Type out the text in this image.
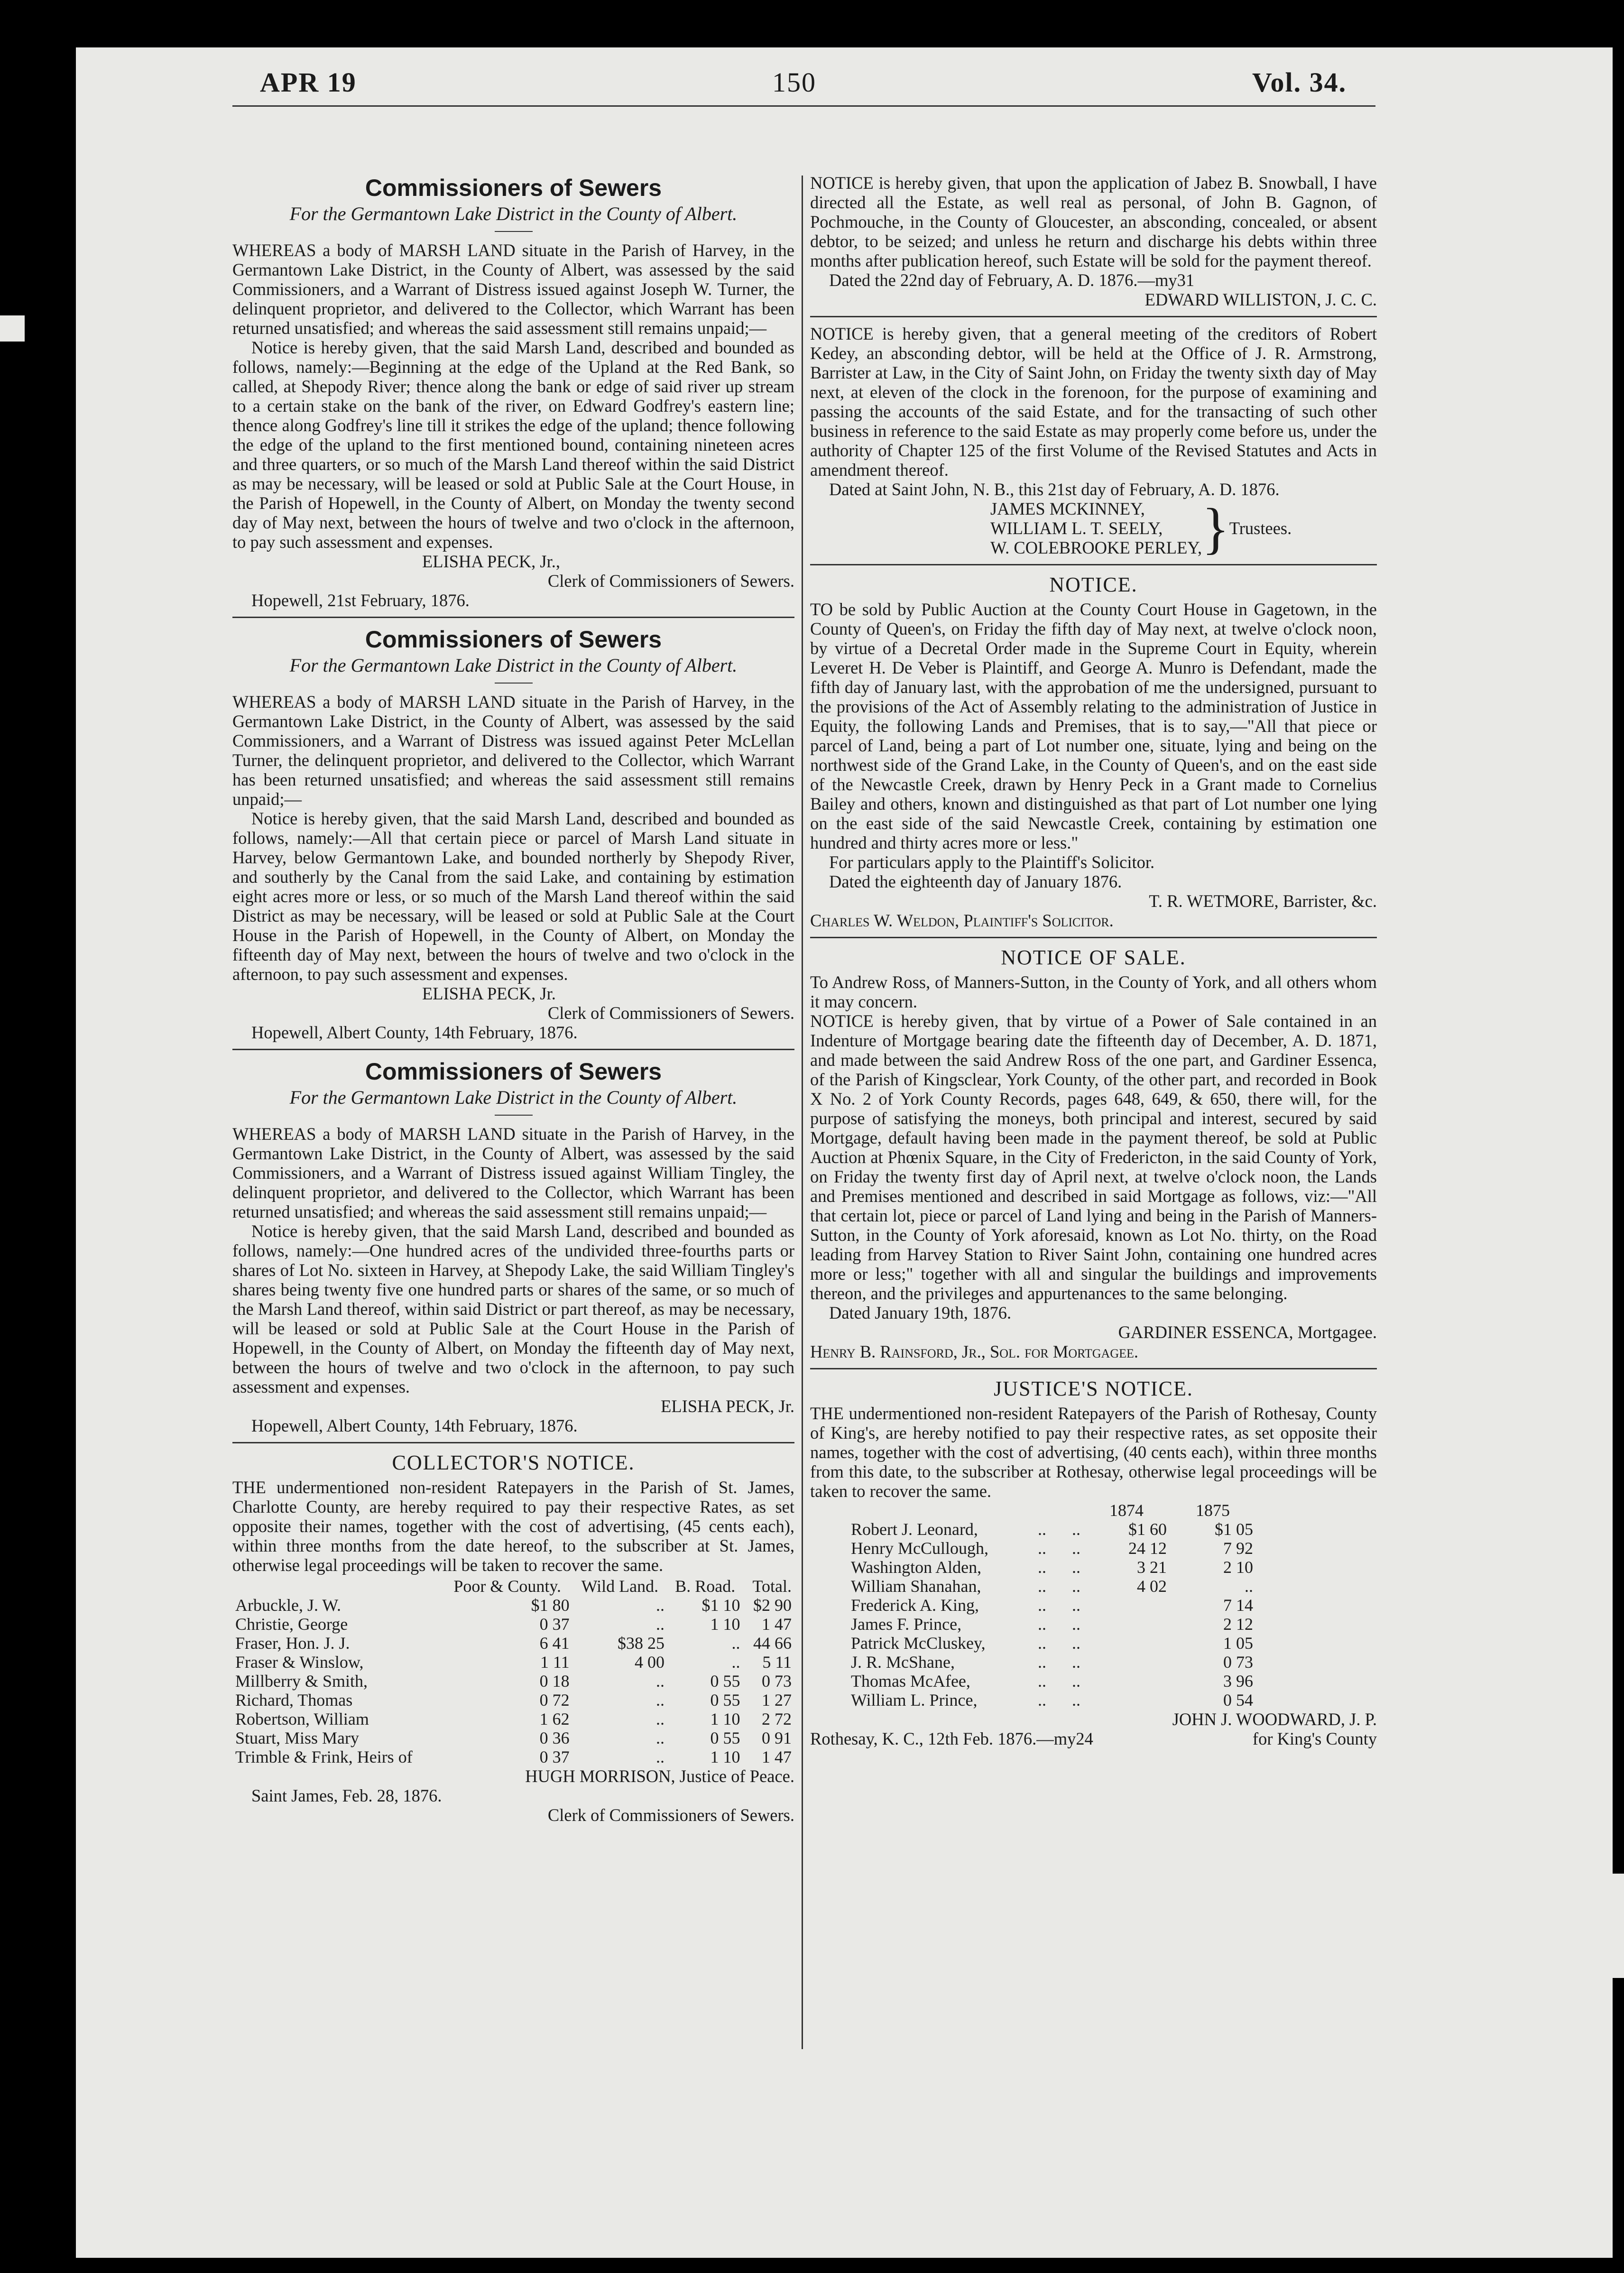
APR 19	150	Vol. 34.
Commissioners of Sewers
For the Germantown Lake District in the County of Albert.

WHEREAS a body of MARSH LAND situate in the Parish of Harvey, in the Germantown Lake District, in the County of Albert, was assessed by the said Commissioners, and a Warrant of Distress issued against Joseph W. Turner, the delinquent proprietor, and delivered to the Collector, which Warrant has been returned unsatisfied; and whereas the said assessment still remains unpaid;—

Notice is hereby given, that the said Marsh Land, described and bounded as follows, namely:—Beginning at the edge of the Upland at the Red Bank, so called, at Shepody River; thence along the bank or edge of said river up stream to a certain stake on the bank of the river, on Edward Godfrey's eastern line; thence along Godfrey's line till it strikes the edge of the upland; thence following the edge of the upland to the first mentioned bound, containing nineteen acres and three quarters, or so much of the Marsh Land thereof within the said District as may be necessary, will be leased or sold at Public Sale at the Court House, in the Parish of Hopewell, in the County of Albert, on Monday the twenty second day of May next, between the hours of twelve and two o'clock in the afternoon, to pay such assessment and expenses.

ELISHA PECK, Jr.,

Clerk of Commissioners of Sewers.

Hopewell, 21st February, 1876.

Commissioners of Sewers
For the Germantown Lake District in the County of Albert.

WHEREAS a body of MARSH LAND situate in the Parish of Harvey, in the Germantown Lake District, in the County of Albert, was assessed by the said Commissioners, and a Warrant of Distress was issued against Peter McLellan Turner, the delinquent proprietor, and delivered to the Collector, which Warrant has been returned unsatisfied; and whereas the said assessment still remains unpaid;—

Notice is hereby given, that the said Marsh Land, described and bounded as follows, namely:—All that certain piece or parcel of Marsh Land situate in Harvey, below Germantown Lake, and bounded northerly by Shepody River, and southerly by the Canal from the said Lake, and containing by estimation eight acres more or less, or so much of the Marsh Land thereof within the said District as may be necessary, will be leased or sold at Public Sale at the Court House in the Parish of Hopewell, in the County of Albert, on Monday the fifteenth day of May next, between the hours of twelve and two o'clock in the afternoon, to pay such assessment and expenses.

ELISHA PECK, Jr.

Clerk of Commissioners of Sewers.

Hopewell, Albert County, 14th February, 1876.

Commissioners of Sewers
For the Germantown Lake District in the County of Albert.

WHEREAS a body of MARSH LAND situate in the Parish of Harvey, in the Germantown Lake District, in the County of Albert, was assessed by the said Commissioners, and a Warrant of Distress issued against William Tingley, the delinquent proprietor, and delivered to the Collector, which Warrant has been returned unsatisfied; and whereas the said assessment still remains unpaid;—

Notice is hereby given, that the said Marsh Land, described and bounded as follows, namely:—One hundred acres of the undivided three-fourths parts or shares of Lot No. sixteen in Harvey, at Shepody Lake, the said William Tingley's shares being twenty five one hundred parts or shares of the same, or so much of the Marsh Land thereof, within said District or part thereof, as may be necessary, will be leased or sold at Public Sale at the Court House in the Parish of Hopewell, in the County of Albert, on Monday the fifteenth day of May next, between the hours of twelve and two o'clock in the afternoon, to pay such assessment and expenses.

ELISHA PECK, Jr.

Hopewell, Albert County, 14th February, 1876.

COLLECTOR'S NOTICE.

THE undermentioned non-resident Ratepayers in the Parish of St. James, Charlotte County, are hereby required to pay their respective Rates, as set opposite their names, together with the cost of advertising, (45 cents each), within three months from the date hereof, to the subscriber at St. James, otherwise legal proceedings will be taken to recover the same.

	Poor & County.	Wild Land.	B. Road.	Total.
Arbuckle, J. W.	$1 80	..	$1 10	$2 90
Christie, George	0 37	..	1 10	1 47
Fraser, Hon. J. J.	6 41	$38 25	..	44 66
Fraser & Winslow,	1 11	4 00	..	5 11
Millberry & Smith,	0 18	..	0 55	0 73
Richard, Thomas	0 72	..	0 55	1 27
Robertson, William	1 62	..	1 10	2 72
Stuart, Miss Mary	0 36	..	0 55	0 91
Trimble & Frink, Heirs of	0 37	..	1 10	1 47

HUGH MORRISON, Justice of Peace.

Saint James, Feb. 28, 1876.

Clerk of Commissioners of Sewers.

NOTICE is hereby given, that upon the application of Jabez B. Snowball, I have directed all the Estate, as well real as personal, of John B. Gagnon, of Pochmouche, in the County of Gloucester, an absconding, concealed, or absent debtor, to be seized; and unless he return and discharge his debts within three months after publication hereof, such Estate will be sold for the payment thereof.

Dated the 22nd day of February, A. D. 1876.—my31

EDWARD WILLISTON, J. C. C.

NOTICE is hereby given, that a general meeting of the creditors of Robert Kedey, an absconding debtor, will be held at the Office of J. R. Armstrong, Barrister at Law, in the City of Saint John, on Friday the twenty sixth day of May next, at eleven of the clock in the forenoon, for the purpose of examining and passing the accounts of the said Estate, and for the transacting of such other business in reference to the said Estate as may properly come before us, under the authority of Chapter 125 of the first Volume of the Revised Statutes and Acts in amendment thereof.

Dated at Saint John, N. B., this 21st day of February, A. D. 1876.

JAMES MCKINNEY,
WILLIAM L. T. SEELY,
W. COLEBROOKE PERLEY, } Trustees.
NOTICE.

TO be sold by Public Auction at the County Court House in Gagetown, in the County of Queen's, on Friday the fifth day of May next, at twelve o'clock noon, by virtue of a Decretal Order made in the Supreme Court in Equity, wherein Leveret H. De Veber is Plaintiff, and George A. Munro is Defendant, made the fifth day of January last, with the approbation of me the undersigned, pursuant to the provisions of the Act of Assembly relating to the administration of Justice in Equity, the following Lands and Premises, that is to say,—"All that piece or parcel of Land, being a part of Lot number one, situate, lying and being on the northwest side of the Grand Lake, in the County of Queen's, and on the east side of the Newcastle Creek, drawn by Henry Peck in a Grant made to Cornelius Bailey and others, known and distinguished as that part of Lot number one lying on the east side of the said Newcastle Creek, containing by estimation one hundred and thirty acres more or less."

For particulars apply to the Plaintiff's Solicitor.

Dated the eighteenth day of January 1876.

T. R. WETMORE, Barrister, &c.

Charles W. Weldon, Plaintiff's Solicitor.

NOTICE OF SALE.

To Andrew Ross, of Manners-Sutton, in the County of York, and all others whom it may concern.

NOTICE is hereby given, that by virtue of a Power of Sale contained in an Indenture of Mortgage bearing date the fifteenth day of December, A. D. 1871, and made between the said Andrew Ross of the one part, and Gardiner Essenca, of the Parish of Kingsclear, York County, of the other part, and recorded in Book X No. 2 of York County Records, pages 648, 649, & 650, there will, for the purpose of satisfying the moneys, both principal and interest, secured by said Mortgage, default having been made in the payment thereof, be sold at Public Auction at Phœnix Square, in the City of Fredericton, in the said County of York, on Friday the twenty first day of April next, at twelve o'clock noon, the Lands and Premises mentioned and described in said Mortgage as follows, viz:—"All that certain lot, piece or parcel of Land lying and being in the Parish of Manners-Sutton, in the County of York aforesaid, known as Lot No. thirty, on the Road leading from Harvey Station to River Saint John, containing one hundred acres more or less;" together with all and singular the buildings and improvements thereon, and the privileges and appurtenances to the same belonging.

Dated January 19th, 1876.

GARDINER ESSENCA, Mortgagee.

Henry B. Rainsford, Jr., Sol. for Mortgagee.

JUSTICE'S NOTICE.

THE undermentioned non-resident Ratepayers of the Parish of Rothesay, County of King's, are hereby notified to pay their respective rates, as set opposite their names, together with the cost of advertising, (40 cents each), within three months from this date, to the subscriber at Rothesay, otherwise legal proceedings will be taken to recover the same.

			1874	1875
Robert J. Leonard,	..	..	$1 60	$1 05
Henry McCullough,	..	..	24 12	7 92
Washington Alden,	..	..	3 21	2 10
William Shanahan,	..	..	4 02	..
Frederick A. King,	..	..		7 14
James F. Prince,	..	..		2 12
Patrick McCluskey,	..	..		1 05
J. R. McShane,	..	..		0 73
Thomas McAfee,	..	..		3 96
William L. Prince,	..	..		0 54

JOHN J. WOODWARD, J. P.

Rothesay, K. C., 12th Feb. 1876.—my24	for King's County
